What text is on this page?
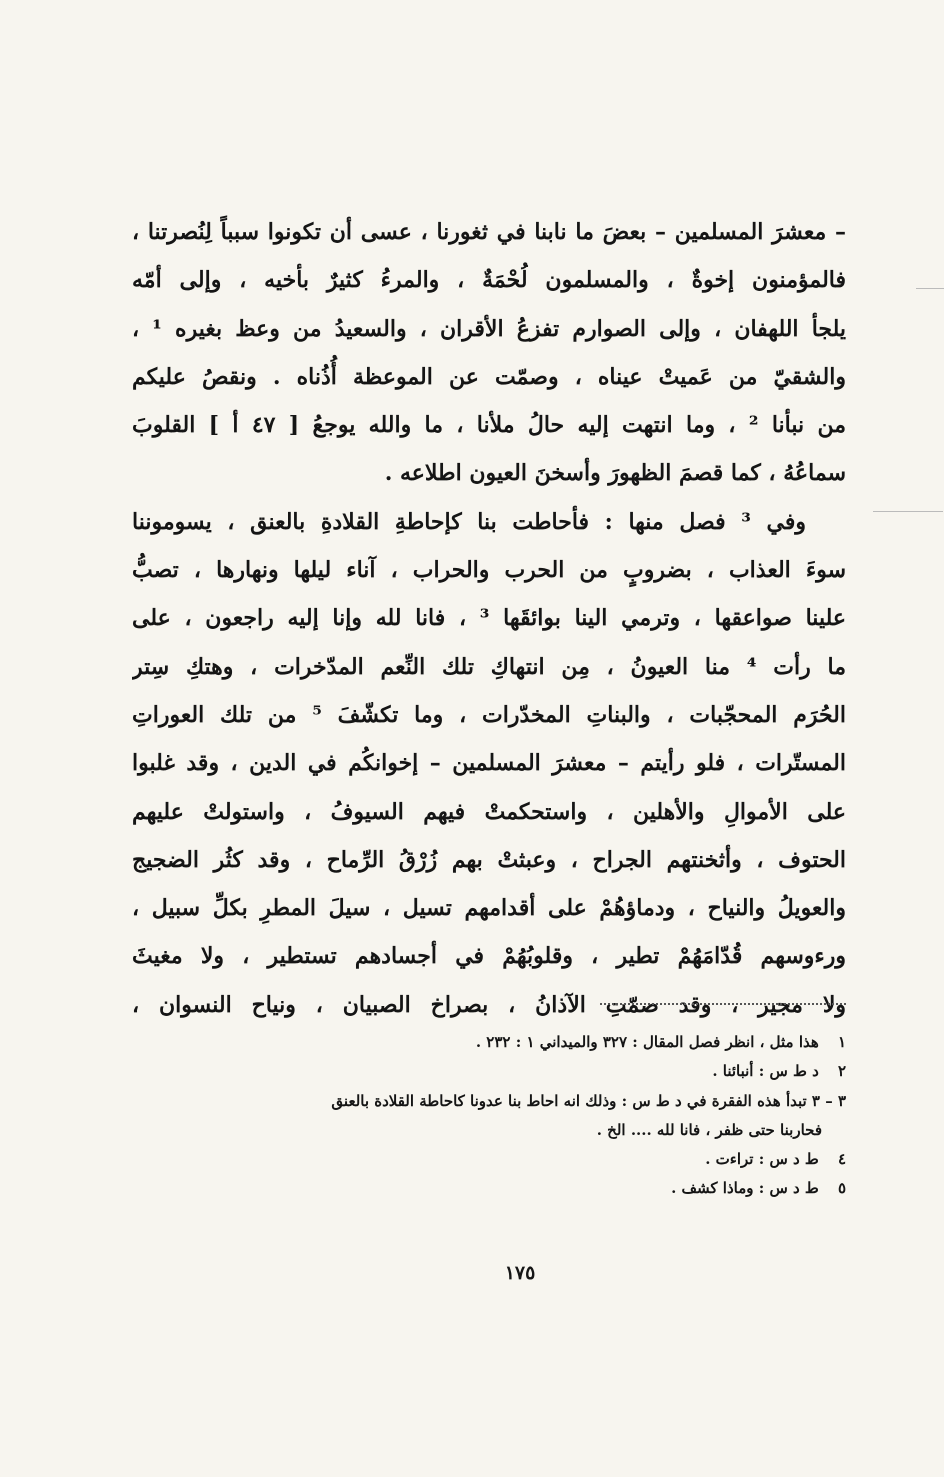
– معشرَ المسلمين – بعضَ ما نابنا في ثغورنا ، عسى أن تكونوا سبباً لِنُصرتنا ،
فالمؤمنون إخوةٌ ، والمسلمون لُحْمَةٌ ، والمرءُ كثيرٌ بأخيه ، وإلى أمّه
يلجأ اللهفان ، وإلى الصوارم تفزعُ الأقران ، والسعيدُ من وعظ بغيره ¹ ،
والشقيّ من عَميتْ عيناه ، وصمّت عن الموعظة أُذُناه . ونقصُ عليكم
من نبأنا ² ، وما انتهت إليه حالُ ملأنا ، ما والله يوجعُ [ ٤٧ أ ] القلوبَ
سماعُهُ ، كما قصمَ الظهورَ وأسخنَ العيون اطلاعه .
وفي ³ فصل منها : فأحاطت بنا كإحاطةِ القلادةِ بالعنق ، يسوموننا
سوءَ العذاب ، بضروبٍ من الحرب والحراب ، آناء ليلها ونهارها ، تصبُّ
علينا صواعقها ، وترمي الينا بوائقَها ³ ، فانا لله وإنا إليه راجعون ، على
ما رأت ⁴ منا العيونُ ، مِن انتهاكِ تلك النِّعم المدّخرات ، وهتكِ سِتر
الحُرَم المحجّبات ، والبناتِ المخدّرات ، وما تكشّفَ ⁵ من تلك العوراتِ
المستّرات ، فلو رأيتم – معشرَ المسلمين – إخوانكُم في الدين ، وقد غلبوا
على الأموالِ والأهلين ، واستحكمتْ فيهم السيوفُ ، واستولتْ عليهم
الحتوف ، وأثخنتهم الجراح ، وعبثتْ بهم زُرْقُ الرِّماح ، وقد كثُر الضجيج
والعويلُ والنياح ، ودماؤهُمْ على أقدامهم تسيل ، سيلَ المطرِ بكلِّ سبيل ،
ورءوسهم قُدّامَهُمْ تطير ، وقلوبُهُمْ في أجسادهم تستطير ، ولا مغيثَ
ولا مجير ، وقد صمّتِ الآذانُ ، بصراخ الصبيان ، ونياح النسوان ،
١ هذا مثل ، انظر فصل المقال : ٣٢٧ والميداني ١ : ٢٣٢ .
٢ د ط س : أنبائنا .
٣ – ٣ تبدأ هذه الفقرة في د ط س : وذلك انه احاط بنا عدونا كاحاطة القلادة بالعنق
فحاربنا حتى ظفر ، فانا لله .... الخ .
٤ ط د س : تراءت .
٥ ط د س : وماذا كشف .
١٧٥
